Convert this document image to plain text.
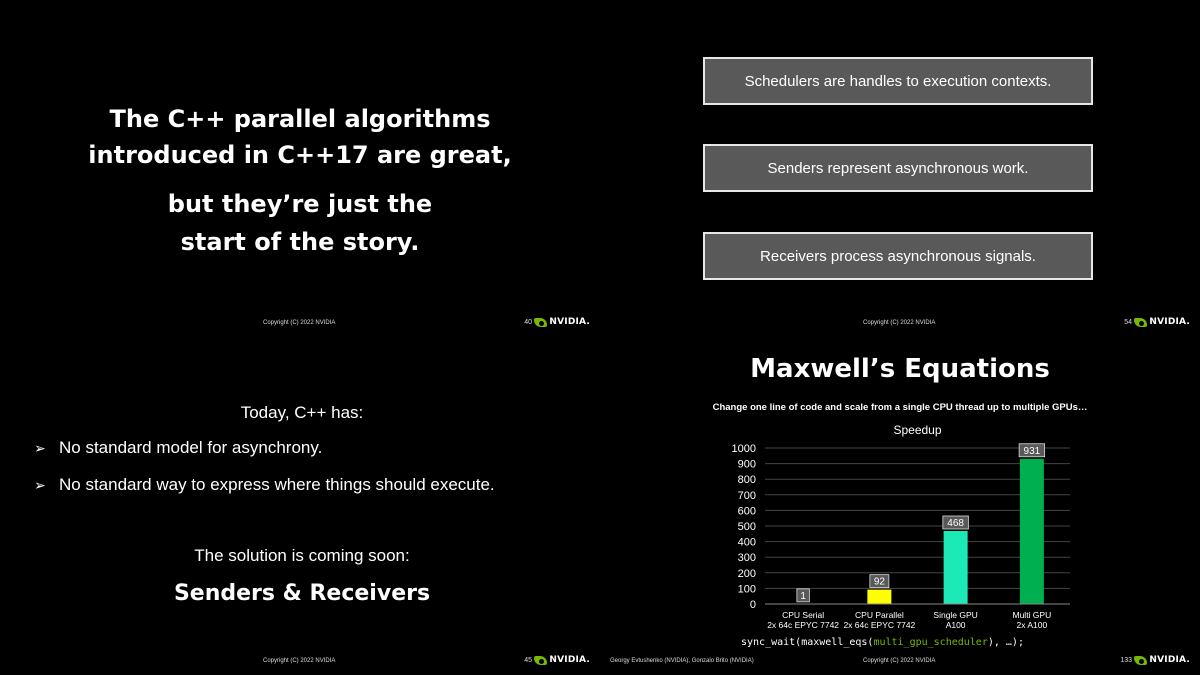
The C++ parallel algorithms
introduced in C++17 are great,
but they’re just the
start of the story.
Copyright (C) 2022 NVIDIA	40 NVIDIA.
Schedulers are handles to execution contexts.
Senders represent asynchronous work.
Receivers process asynchronous signals.
Copyright (C) 2022 NVIDIA	54 NVIDIA.
Today, C++ has:
➢ No standard model for asynchrony.
➢ No standard way to express where things should execute.
The solution is coming soon:
Senders & Receivers
Copyright (C) 2022 NVIDIA	45 NVIDIA.
Maxwell’s Equations
Change one line of code and scale from a single CPU thread up to multiple GPUs…
Speedup
0
100
200
300
400
500
600
700
800
900
1000
1
CPU Serial
2x 64c EPYC 7742
92
CPU Parallel
2x 64c EPYC 7742
468
Single GPU
A100
931
Multi GPU
2x A100
sync_wait(maxwell_eqs(multi_gpu_scheduler), …);
Georgy Evtushenko (NVIDIA), Gonzalo Brito (NVIDIA)	Copyright (C) 2022 NVIDIA	133 NVIDIA.
